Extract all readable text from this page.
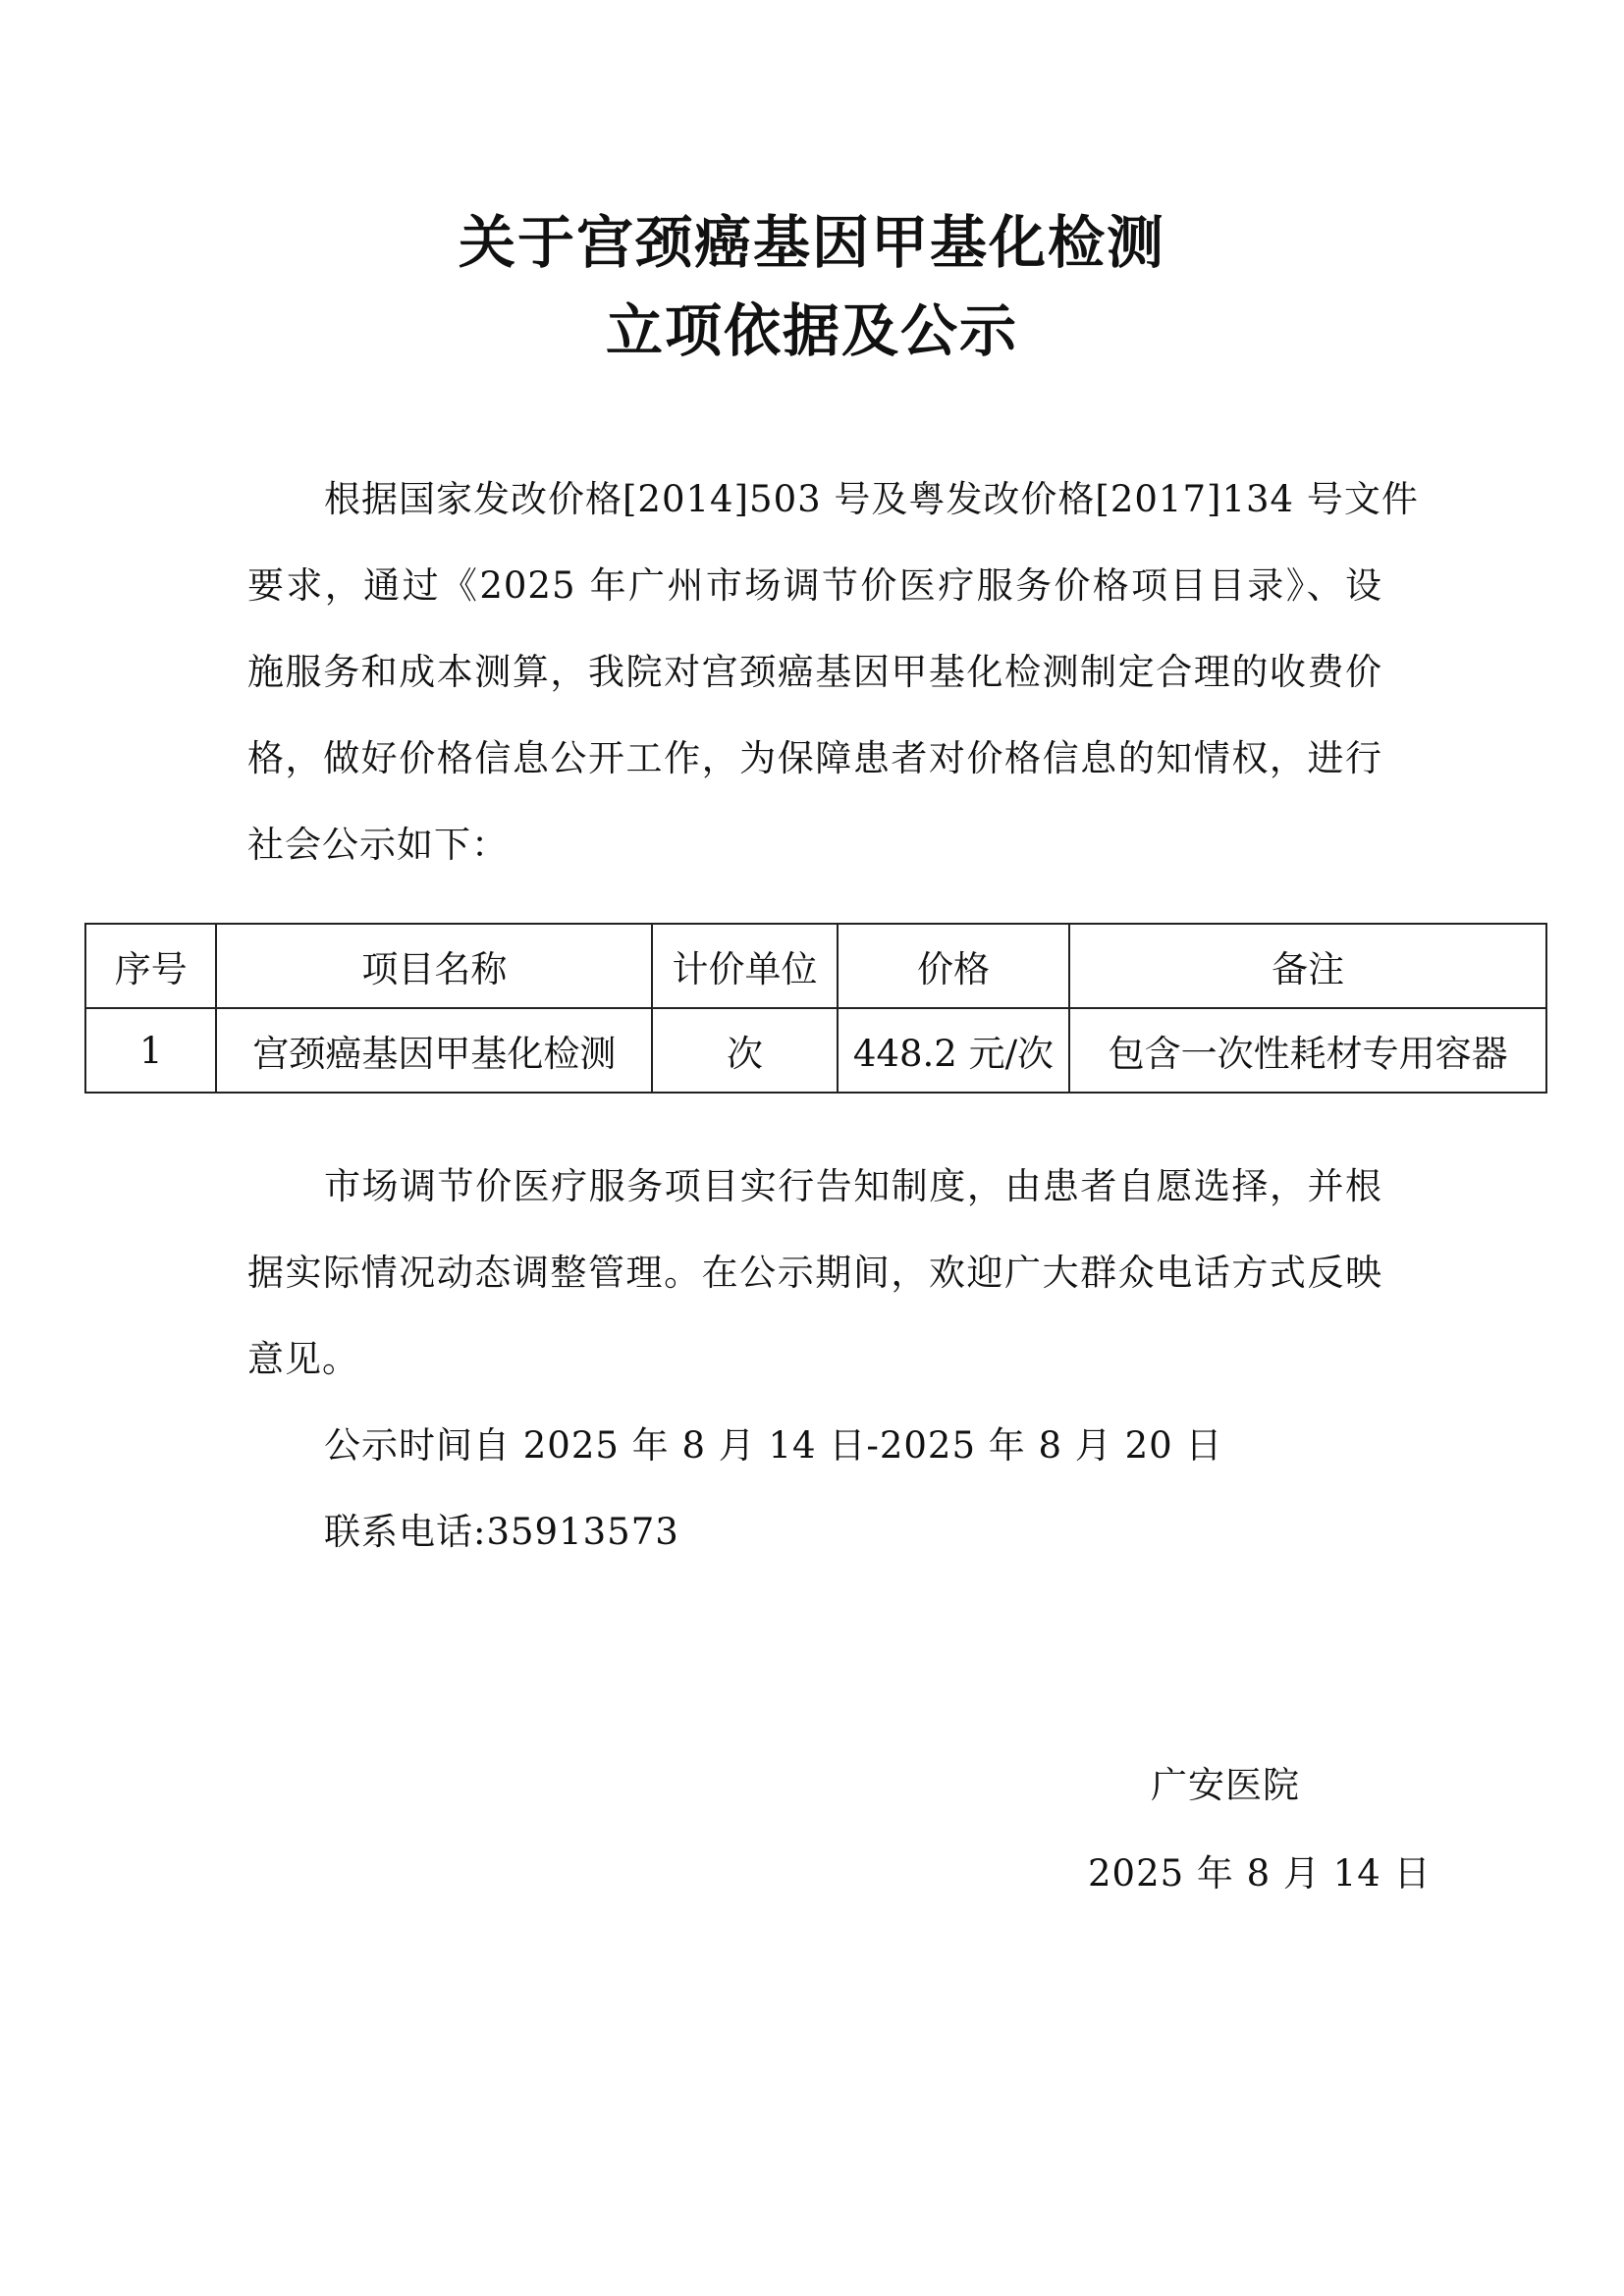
关于宫颈癌基因甲基化检测
立项依据及公示
根据国家发改价格[2014]503 号及粤发改价格[2017]134 号文件
要求，通过《2025 年广州市场调节价医疗服务价格项目目录》、设
施服务和成本测算，我院对宫颈癌基因甲基化检测制定合理的收费价
格，做好价格信息公开工作，为保障患者对价格信息的知情权，进行
社会公示如下：
序号	项目名称	计价单位	价格	备注
1	宫颈癌基因甲基化检测	次	448.2 元/次	包含一次性耗材专用容器
市场调节价医疗服务项目实行告知制度，由患者自愿选择，并根
据实际情况动态调整管理。在公示期间，欢迎广大群众电话方式反映
意见。
公示时间自 2025 年 8 月 14 日-2025 年 8 月 20 日
联系电话:35913573
广安医院
2025 年 8 月 14 日
